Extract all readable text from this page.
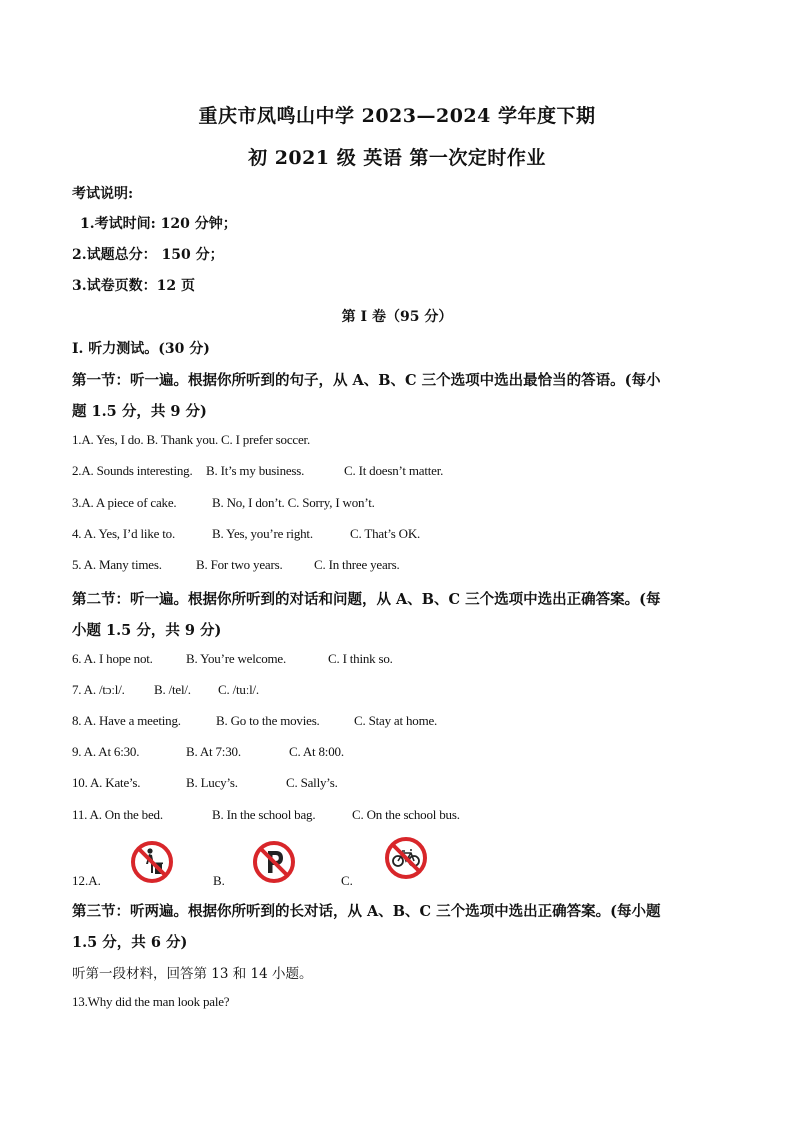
重庆市凤鸣山中学 2023—2024 学年度下期
初 2021 级 英语 第一次定时作业
考试说明:
1.考试时间: 120 分钟；
2.试题总分： 150 分；
3.试卷页数：12 页
第 I 卷（95 分）
I. 听力测试。(30 分)
第一节：听一遍。根据你所听到的句子，从 A、B、C 三个选项中选出最恰当的答语。(每小
题 1.5 分，共 9 分)
1.A. Yes, I do. B. Thank you. C. I prefer soccer.
2.A. Sounds interesting. B. It’s my business.	C. It doesn’t matter.
3.A. A piece of cake.	B. No, I don’t. C. Sorry, I won’t.
4. A. Yes, I’d like to.	B. Yes, you’re right.	C. That’s OK.
5. A. Many times.	B. For two years. C. In three years.
第二节：听一遍。根据你所听到的对话和问题，从 A、B、C 三个选项中选出正确答案。(每
小题 1.5 分，共 9 分)
6. A. I hope not.	B. You’re welcome.	C. I think so.
7. A. /tɔːl/. B. /tel/. C. /tuːl/.
8. A. Have a meeting.	B. Go to the movies.	C. Stay at home.
9. A. At 6:30.	B. At 7:30.	C. At 8:00.
10. A. Kate’s.	B. Lucy’s.	C. Sally’s.
11. A. On the bed.	B. In the school bag.	C. On the school bus.
12.A.	B.	C.
第三节：听两遍。根据你所听到的长对话，从 A、B、C 三个选项中选出正确答案。(每小题
1.5 分，共 6 分)
听第一段材料，回答第 13 和 14 小题。
13.Why did the man look pale?
